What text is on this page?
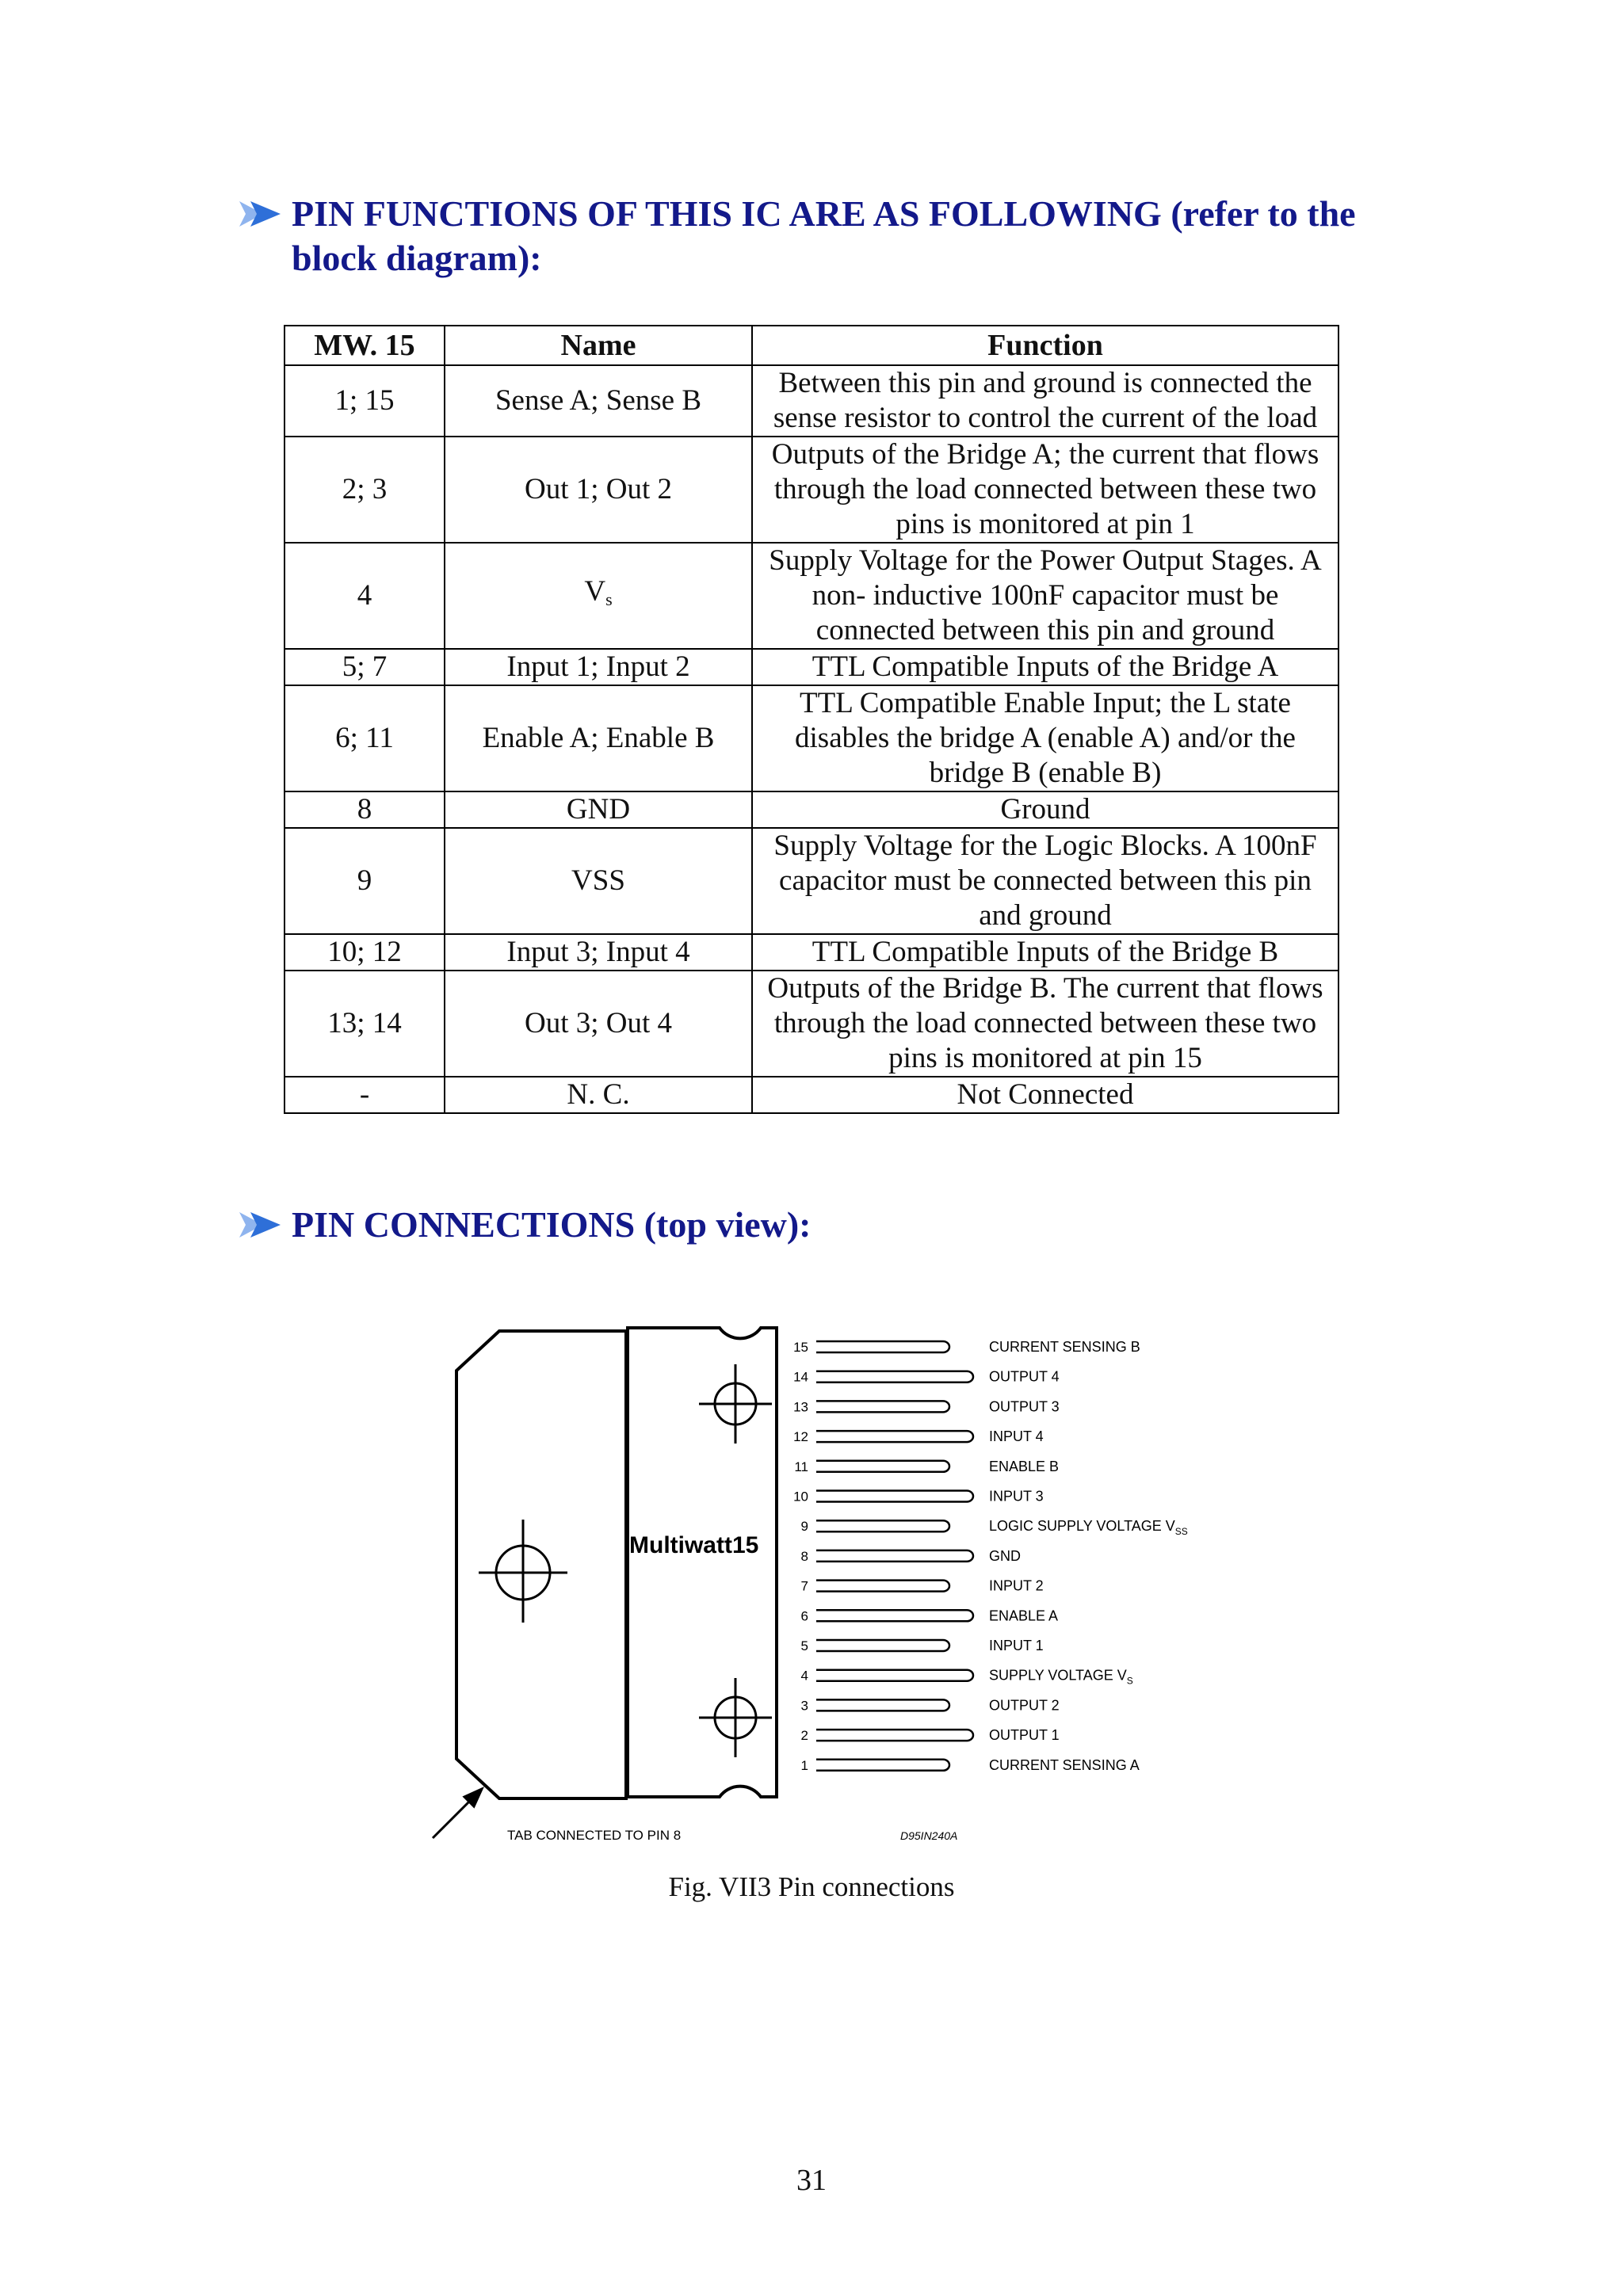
PIN FUNCTIONS OF THIS IC ARE AS FOLLOWING (refer to the block diagram):
MW. 15	Name	Function
1; 15	Sense A; Sense B	Between this pin and ground is connected the sense resistor to control the current of the load
2; 3	Out 1; Out 2	Outputs of the Bridge A; the current that flows through the load connected between these two pins is monitored at pin 1
4	$V_s$	Supply Voltage for the Power Output Stages. A non- inductive 100nF capacitor must be connected between this pin and ground
5; 7	Input 1; Input 2	TTL Compatible Inputs of the Bridge A
6; 11	Enable A; Enable B	TTL Compatible Enable Input; the L state disables the bridge A (enable A) and/or the bridge B (enable B)
8	GND	Ground
9	VSS	Supply Voltage for the Logic Blocks. A 100nF capacitor must be connected between this pin and ground
10; 12	Input 3; Input 4	TTL Compatible Inputs of the Bridge B
13; 14	Out 3; Out 4	Outputs of the Bridge B. The current that flows through the load connected between these two pins is monitored at pin 15
-	N. C.	Not Connected
PIN CONNECTIONS (top view):
Multiwatt15
TAB CONNECTED TO PIN 8	D95IN240A
15	CURRENT SENSING B
14	OUTPUT 4
13	OUTPUT 3
12	INPUT 4
11	ENABLE B
10	INPUT 3
9	LOGIC SUPPLY VOLTAGE $V_{SS}$
8	GND
7	INPUT 2
6	ENABLE A
5	INPUT 1
4	SUPPLY VOLTAGE $V_S$
3	OUTPUT 2
2	OUTPUT 1
1	CURRENT SENSING A
Fig. VII3 Pin connections
31
